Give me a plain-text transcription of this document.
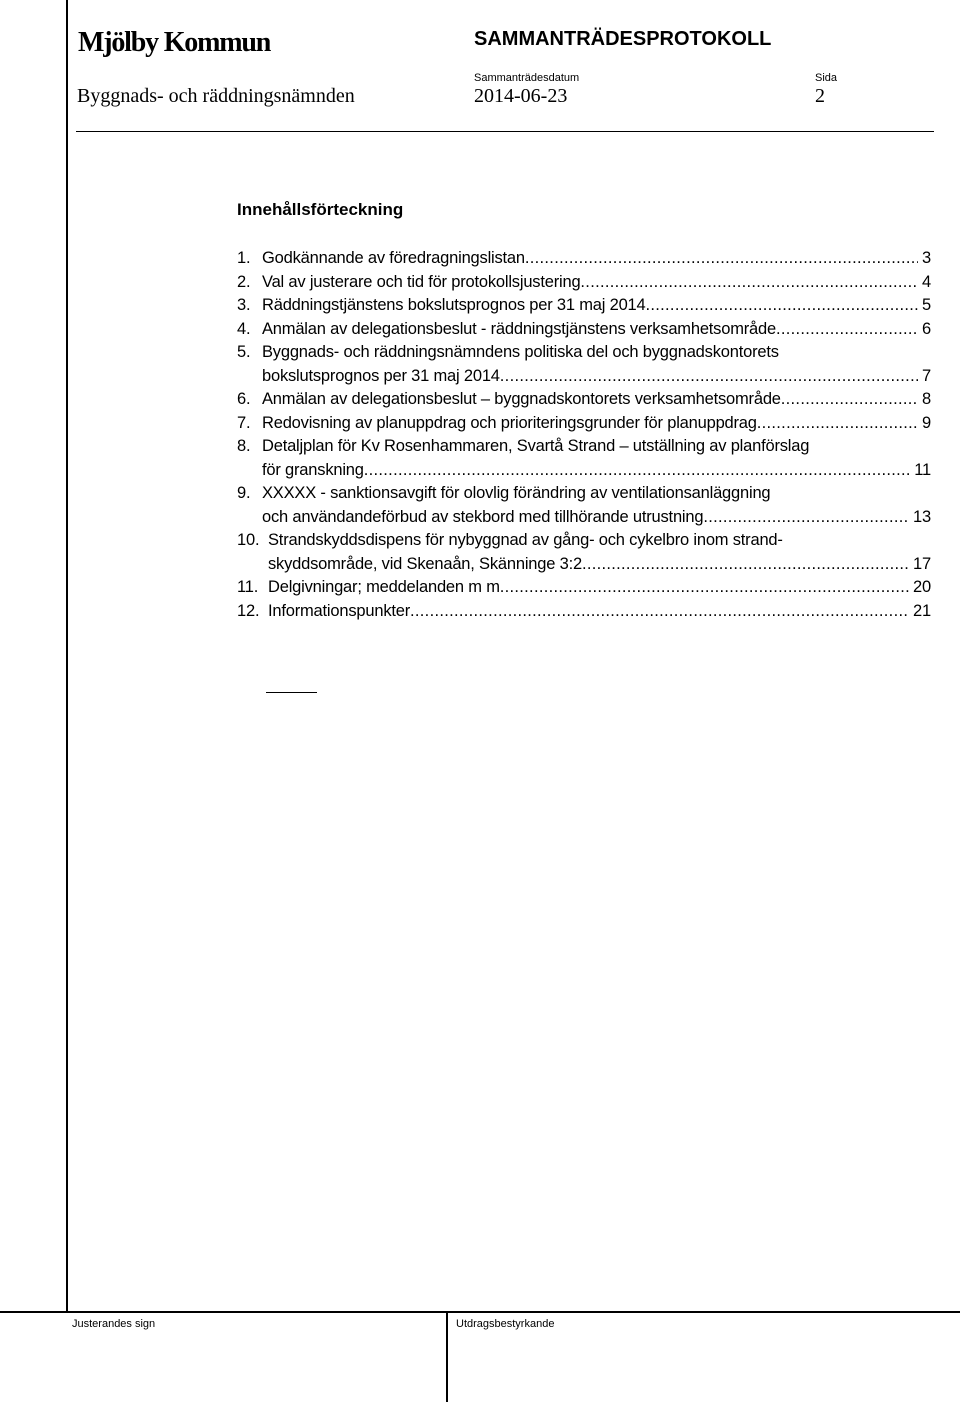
Mjölby Kommun	SAMMANTRÄDESPROTOKOLL
Sammanträdesdatum	Sida
Byggnads- och räddningsnämnden	2014-06-23	2
Innehållsförteckning
1. Godkännande av föredragningslistan .....	3
2. Val av justerare och tid för protokollsjustering .....	4
3. Räddningstjänstens bokslutsprognos per 31 maj 2014 .....	5
4. Anmälan av delegationsbeslut - räddningstjänstens verksamhetsområde .....	6
5. Byggnads- och räddningsnämndens politiska del och byggnadskontorets
bokslutsprognos per 31 maj 2014 .....	7
6. Anmälan av delegationsbeslut – byggnadskontorets verksamhetsområde .....	8
7. Redovisning av planuppdrag och prioriteringsgrunder för planuppdrag .....	9
8. Detaljplan för Kv Rosenhammaren, Svartå Strand – utställning av planförslag
för granskning .....	11
9. XXXXX - sanktionsavgift för olovlig förändring av ventilationsanläggning
och användandeförbud av stekbord med tillhörande utrustning .....	13
10. Strandskyddsdispens för nybyggnad av gång- och cykelbro inom strand-
skyddsområde, vid Skenaån, Skänninge 3:2 .....	17
11. Delgivningar; meddelanden m m .....	20
12. Informationspunkter .....	21
Justerandes sign	Utdragsbestyrkande
